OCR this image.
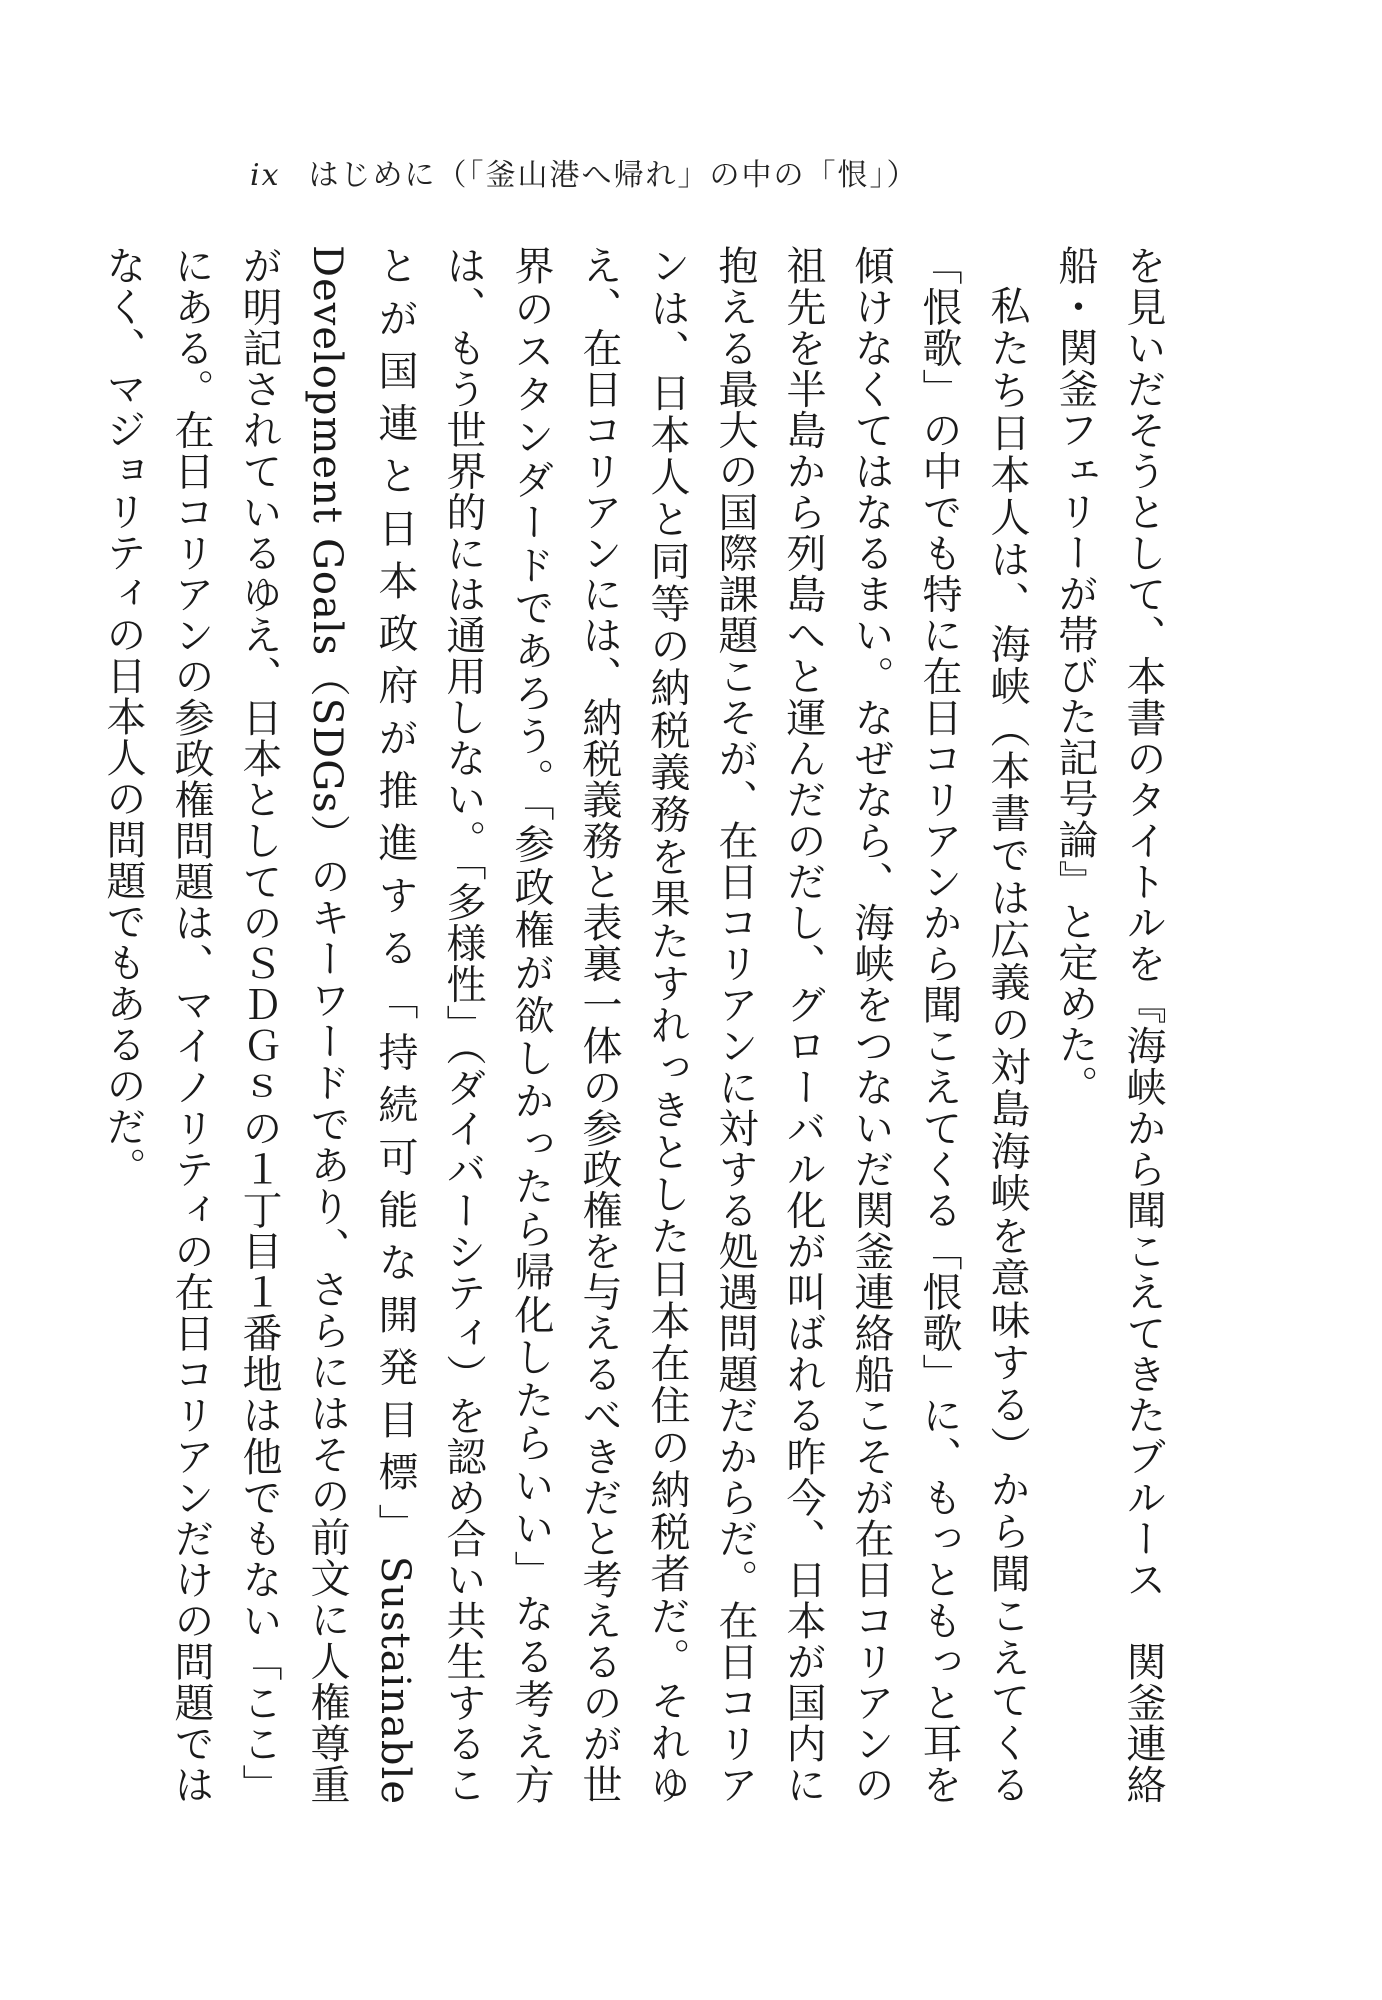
ix はじめに（「釜山港へ帰れ」の中の「恨」）

を見いだそうとして、本書のタイトルを『海峡から聞こえてきたブルース　関釜連絡船・関釜フェリーが帯びた記号論』と定めた。

私たち日本人は、海峡（本書では広義の対島海峡を意味する）から聞こえてくる「恨歌」の中でも特に在日コリアンから聞こえてくる「恨歌」に、もっともっと耳を傾けなくてはなるまい。なぜなら、海峡をつないだ関釜連絡船こそが在日コリアンの祖先を半島から列島へと運んだのだし、グローバル化が叫ばれる昨今、日本が国内に抱える最大の国際課題こそが、在日コリアンに対する処遇問題だからだ。在日コリアンは、日本人と同等の納税義務を果たすれっきとした日本在住の納税者だ。それゆえ、在日コリアンには、納税義務と表裏一体の参政権を与えるべきだと考えるのが世界のスタンダードであろう。「参政権が欲しかったら帰化したらいい」なる考え方は、もう世界的には通用しない。「多様性」（ダイバーシティ）を認め合い共生することが国連と日本政府が推進する「持続可能な開発目標」Sustainable Development Goals（SDGs）のキーワードであり、さらにはその前文に人権尊重が明記されているゆえ、日本としてのＳＤＧｓの１丁目１番地は他でもない「ここ」にある。在日コリアンの参政権問題は、マイノリティの在日コリアンだけの問題ではなく、マジョリティの日本人の問題でもあるのだ。
